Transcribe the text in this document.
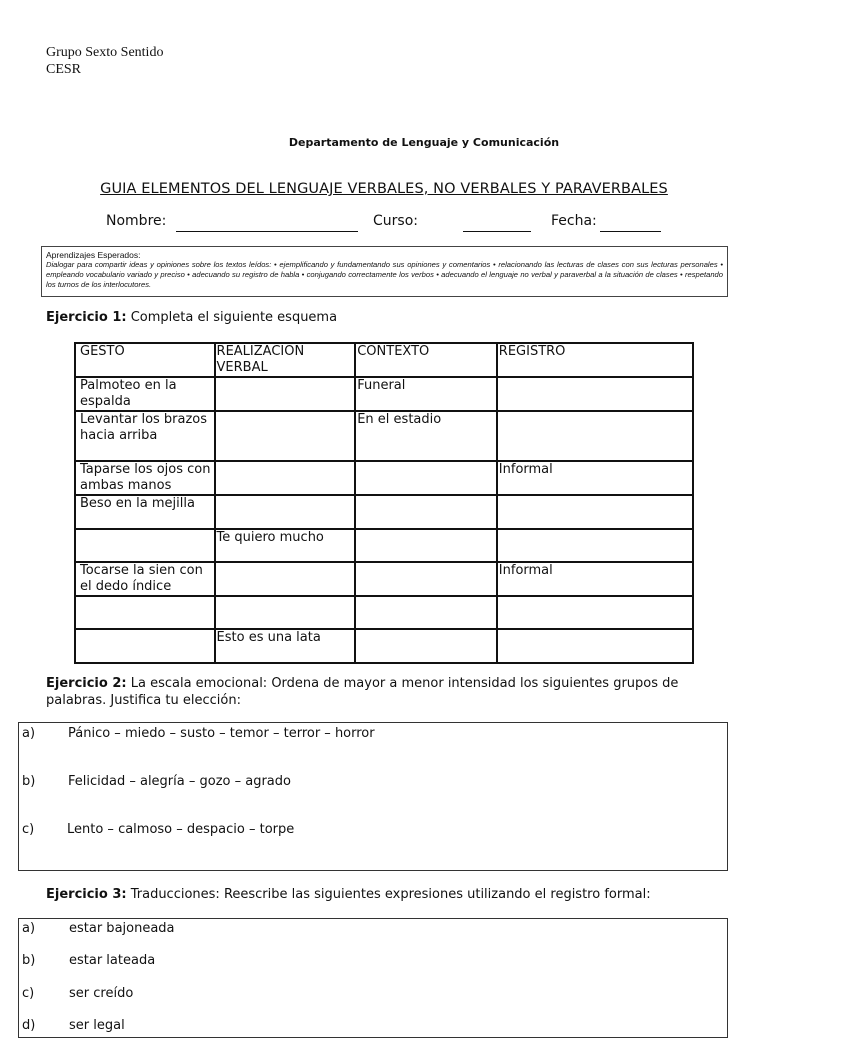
Grupo Sexto Sentido
CESR
Departamento de Lenguaje y Comunicación
GUIA ELEMENTOS DEL LENGUAJE VERBALES, NO VERBALES Y PARAVERBALES
Nombre:	Curso:	Fecha:
Aprendizajes Esperados:
Dialogar para compartir ideas y opiniones sobre los textos leídos: • ejemplificando y fundamentando sus opiniones y comentarios • relacionando las lecturas de clases con sus lecturas personales • empleando vocabulario variado y preciso • adecuando su registro de habla • conjugando correctamente los verbos • adecuando el lenguaje no verbal y paraverbal a la situación de clases • respetando los turnos de los interlocutores.
Ejercicio 1: Completa el siguiente esquema
GESTO	REALIZACIÓN VERBAL	CONTEXTO	REGISTRO
Palmoteo en la espalda		Funeral	
Levantar los brazos hacia arriba		En el estadio	
Taparse los ojos con ambas manos			Informal
Beso en la mejilla			
	Te quiero mucho		
Tocarse la sien con el dedo índice			Informal

	Esto es una lata		
Ejercicio 2: La escala emocional: Ordena de mayor a menor intensidad los siguientes grupos de palabras. Justifica tu elección:
a)	Pánico – miedo – susto – temor – terror – horror
b)	Felicidad – alegría – gozo – agrado
c)	Lento – calmoso – despacio – torpe
Ejercicio 3: Traducciones: Reescribe las siguientes expresiones utilizando el registro formal:
a)	estar bajoneada
b)	estar lateada
c)	ser creído
d)	ser legal
